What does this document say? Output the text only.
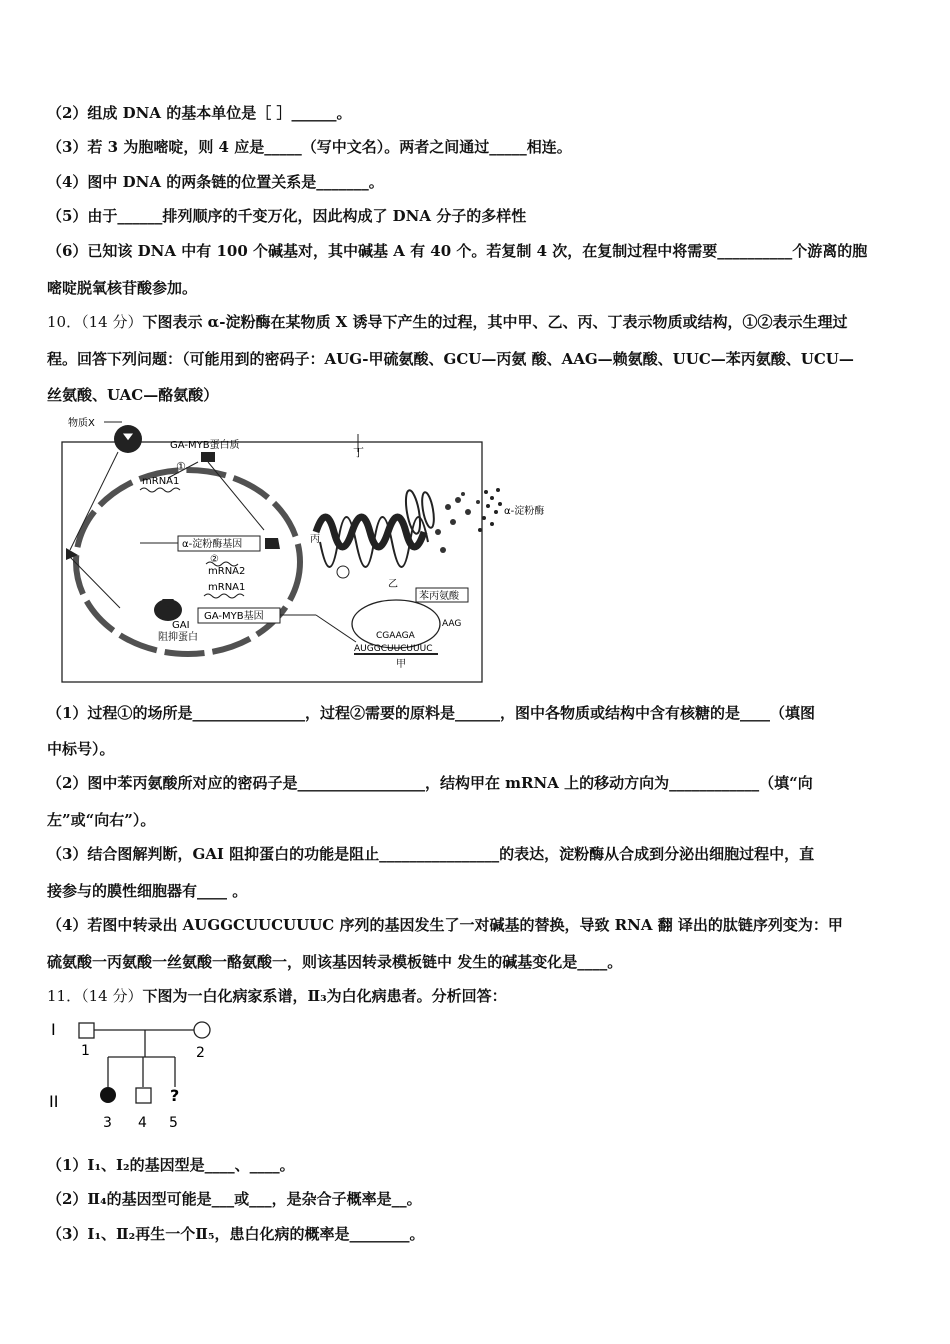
（2）组成 DNA 的基本单位是［ ］______。
（3）若 3 为胞嘧啶，则 4 应是_____（写中文名）。两者之间通过_____相连。
（4）图中 DNA 的两条链的位置关系是_______。
（5）由于______排列顺序的千变万化，因此构成了 DNA 分子的多样性
（6）已知该 DNA 中有 100 个碱基对，其中碱基 A 有 40 个。若复制 4 次，在复制过程中将需要__________个游离的胞
嘧啶脱氧核苷酸参加。
10．（14 分）下图表示 α-淀粉酶在某物质 X 诱导下产生的过程，其中甲、乙、丙、丁表示物质或结构，①②表示生理过
程。回答下列问题：（可能用到的密码子：AUG-甲硫氨酸、GCU—丙氨 酸、AAG—赖氨酸、UUC—苯丙氨酸、UCU—
丝氨酸、UAC—酪氨酸）
物质X
GA-MYB蛋白质
①
mRNA1
丁
α-淀粉酶基因
②
mRNA2
mRNA1
GA-MYB基因
GAI
阻抑蛋白
丙
乙
α-淀粉酶
苯丙氨酸
AAG
CGAAGA
AUGGCUUCUUUC
甲
（1）过程①的场所是_______________，过程②需要的原料是______，图中各物质或结构中含有核糖的是____（填图
中标号）。
（2）图中苯丙氨酸所对应的密码子是_________________，结构甲在 mRNA 上的移动方向为____________（填“向
左”或“向右”）。
（3）结合图解判断，GAI 阻抑蛋白的功能是阻止________________的表达，淀粉酶从合成到分泌出细胞过程中，直
接参与的膜性细胞器有____ 。
（4）若图中转录出 AUGGCUUCUUUC 序列的基因发生了一对碱基的替换，导致 RNA 翻 译出的肽链序列变为：甲
硫氨酸一丙氨酸一丝氨酸一酪氨酸一，则该基因转录模板链中 发生的碱基变化是____。
11．（14 分）下图为一白化病家系谱，Ⅱ₃为白化病患者。分析回答：
I
1	2
II	?
3 4 5
（1）Ⅰ₁、Ⅰ₂的基因型是____、____。
（2）Ⅱ₄的基因型可能是___或___，是杂合子概率是__。
（3）Ⅰ₁、Ⅱ₂再生一个Ⅱ₅，患白化病的概率是________。
